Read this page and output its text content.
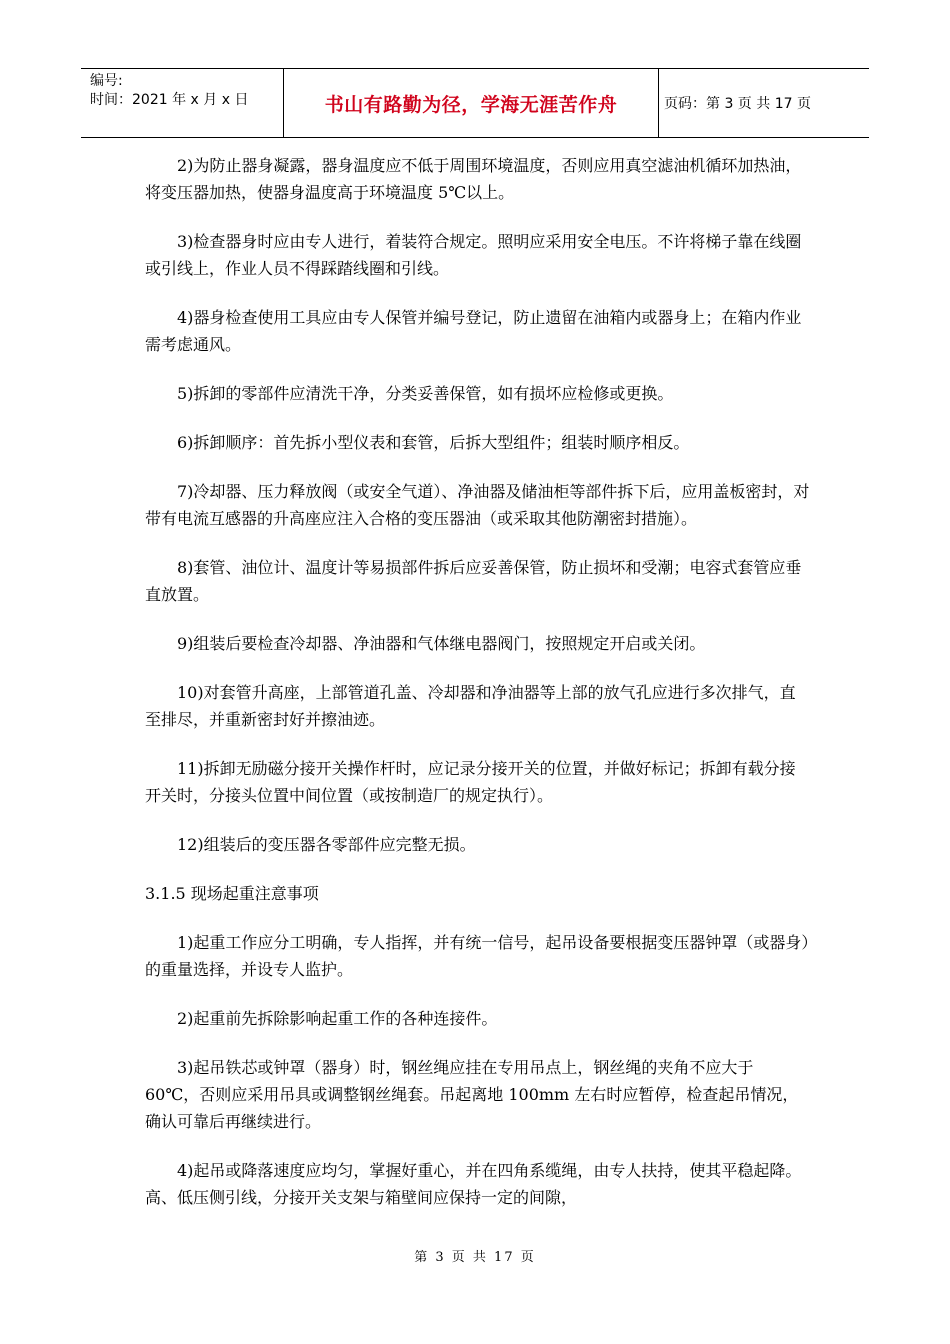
编号:
时间：2021 年 x 月 x 日	书山有路勤为径，学海无涯苦作舟	页码：第 3 页 共 17 页

2)为防止器身凝露，器身温度应不低于周围环境温度，否则应用真空滤油机循环加热油，将变压器加热，使器身温度高于环境温度 5℃以上。

3)检查器身时应由专人进行，着装符合规定。照明应采用安全电压。不许将梯子靠在线圈或引线上，作业人员不得踩踏线圈和引线。

4)器身检查使用工具应由专人保管并编号登记，防止遗留在油箱内或器身上；在箱内作业需考虑通风。

5)拆卸的零部件应清洗干净，分类妥善保管，如有损坏应检修或更换。

6)拆卸顺序：首先拆小型仪表和套管，后拆大型组件；组装时顺序相反。

7)冷却器、压力释放阀（或安全气道）、净油器及储油柜等部件拆下后，应用盖板密封，对带有电流互感器的升高座应注入合格的变压器油（或采取其他防潮密封措施）。

8)套管、油位计、温度计等易损部件拆后应妥善保管，防止损坏和受潮；电容式套管应垂直放置。

9)组装后要检查冷却器、净油器和气体继电器阀门，按照规定开启或关闭。

10)对套管升高座，上部管道孔盖、冷却器和净油器等上部的放气孔应进行多次排气，直至排尽，并重新密封好并擦油迹。

11)拆卸无励磁分接开关操作杆时，应记录分接开关的位置，并做好标记；拆卸有载分接开关时，分接头位置中间位置（或按制造厂的规定执行）。

12)组装后的变压器各零部件应完整无损。

3.1.5 现场起重注意事项

1)起重工作应分工明确，专人指挥，并有统一信号，起吊设备要根据变压器钟罩（或器身）的重量选择，并设专人监护。

2)起重前先拆除影响起重工作的各种连接件。

3)起吊铁芯或钟罩（器身）时，钢丝绳应挂在专用吊点上，钢丝绳的夹角不应大于 60℃，否则应采用吊具或调整钢丝绳套。吊起离地 100mm 左右时应暂停，检查起吊情况，确认可靠后再继续进行。

4)起吊或降落速度应均匀，掌握好重心，并在四角系缆绳，由专人扶持，使其平稳起降。高、低压侧引线，分接开关支架与箱壁间应保持一定的间隙，

第 3 页 共 17 页
